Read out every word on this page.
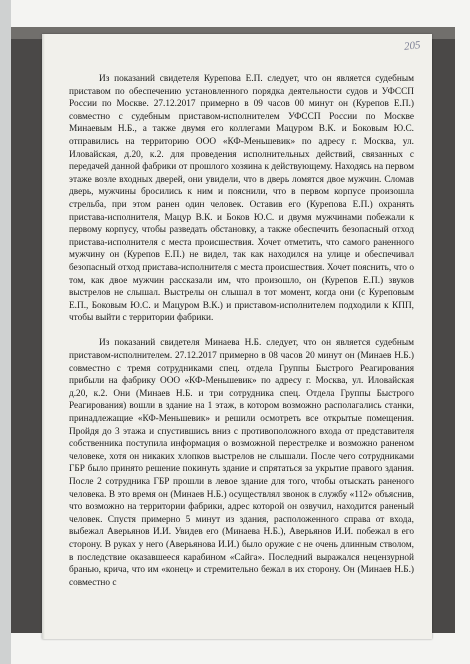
205

Из показаний свидетеля Курепова Е.П. следует, что он является судебным приставом по обеспечению установленного порядка деятельности судов и УФССП России по Москве. 27.12.2017 примерно в 09 часов 00 минут он (Курепов Е.П.) совместно с судебным приставом-исполнителем УФССП России по Москве Минаевым Н.Б., а также двумя его коллегами Мацуром В.К. и Боковым Ю.С. отправились на территорию ООО «КФ-Меньшевик» по адресу г. Москва, ул. Иловайская, д.20, к.2. для проведения исполнительных действий, связанных с передачей данной фабрики от прошлого хозяина к действующему. Находясь на первом этаже возле входных дверей, они увидели, что в дверь ломятся двое мужчин. Сломав дверь, мужчины бросились к ним и пояснили, что в первом корпусе произошла стрельба, при этом ранен один человек. Оставив его (Курепова Е.П.) охранять пристава-исполнителя, Мацур В.К. и Боков Ю.С. и двумя мужчинами побежали к первому корпусу, чтобы разведать обстановку, а также обеспечить безопасный отход пристава-исполнителя с места происшествия. Хочет отметить, что самого раненного мужчину он (Курепов Е.П.) не видел, так как находился на улице и обеспечивал безопасный отход пристава-исполнителя с места происшествия. Хочет пояснить, что о том, как двое мужчин рассказали им, что произошло, он (Курепов Е.П.) звуков выстрелов не слышал. Выстрелы он слышал в тот момент, когда они (с Куреповым Е.П., Боковым Ю.С. и Мацуром В.К.) и приставом-исполнителем подходили к КПП, чтобы выйти с территории фабрики.

Из показаний свидетеля Минаева Н.Б. следует, что он является судебным приставом-исполнителем. 27.12.2017 примерно в 08 часов 20 минут он (Минаев Н.Б.) совместно с тремя сотрудниками спец. отдела Группы Быстрого Реагирования прибыли на фабрику ООО «КФ-Меньшевик» по адресу г. Москва, ул. Иловайская д.20, к.2. Они (Минаев Н.Б. и три сотрудника спец. Отдела Группы Быстрого Реагирования) вошли в здание на 1 этаж, в котором возможно располагались станки, принадлежащие «КФ-Меньшевик» и решили осмотреть все открытые помещения. Пройдя до 3 этажа и спустившись вниз с противоположного входа от представителя собственника поступила информация о возможной перестрелке и возможно раненом человеке, хотя он никаких хлопков выстрелов не слышали. После чего сотрудниками ГБР было принято решение покинуть здание и спрятаться за укрытие правого здания. После 2 сотрудника ГБР прошли в левое здание для того, чтобы отыскать раненого человека. В это время он (Минаев Н.Б.) осуществлял звонок в службу «112» объяснив, что возможно на территории фабрики, адрес которой он озвучил, находится раненый человек. Спустя примерно 5 минут из здания, расположенного справа от входа, выбежал Аверьянов И.И. Увидев его (Минаева Н.Б.), Аверьянов И.И. побежал в его сторону. В руках у него (Аверьянова И.И.) было оружие с не очень длинным стволом, в последствие оказавшееся карабином «Сайга». Последний выражался нецензурной бранью, крича, что им «конец» и стремительно бежал в их сторону. Он (Минаев Н.Б.) совместно с
